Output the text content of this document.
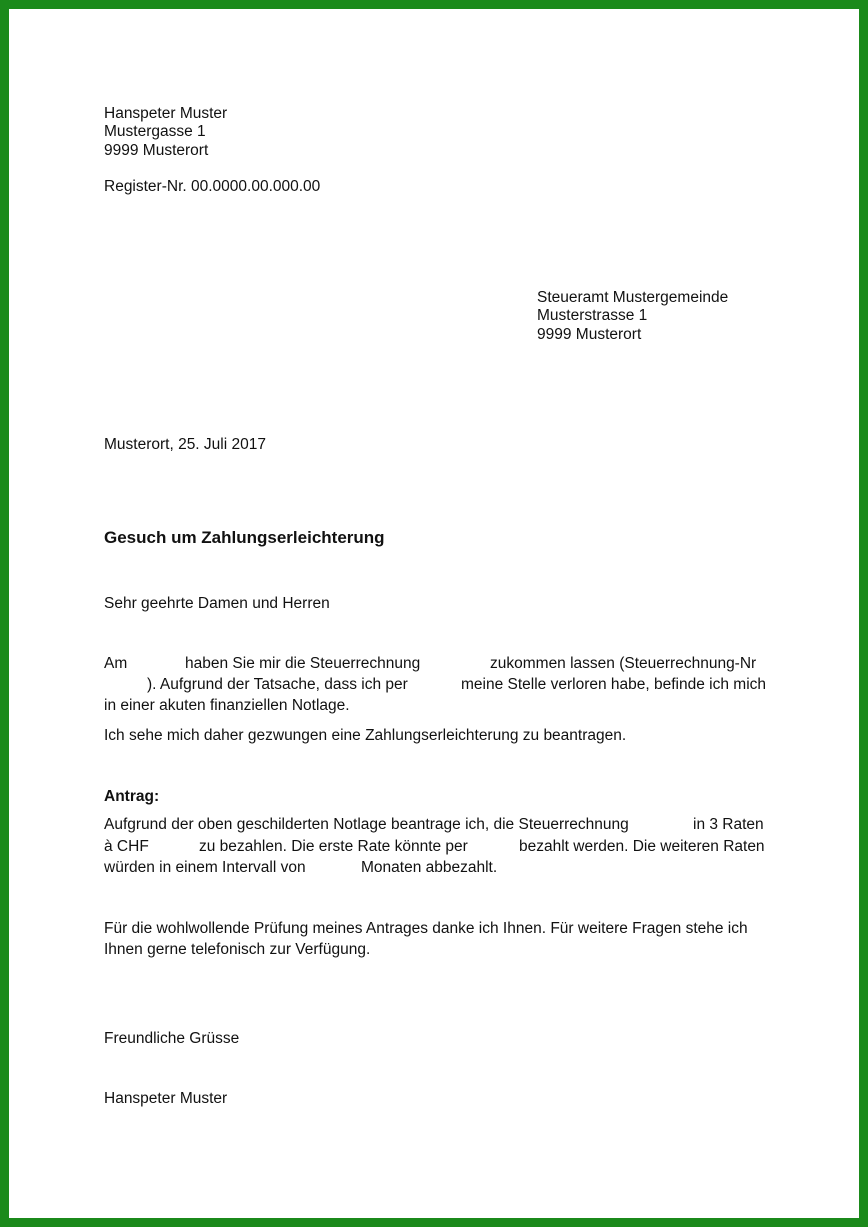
Hanspeter Muster

Mustergasse 1

9999 Musterort

Register-Nr. 00.0000.00.000.00

Steueramt Mustergemeinde

Musterstrasse 1

9999 Musterort

Musterort, 25. Juli 2017

Gesuch um Zahlungserleichterung

Sehr geehrte Damen und Herren

Am	haben Sie mir die Steuerrechnung	zukommen lassen (Steuerrechnung-Nr
). Aufgrund der Tatsache, dass ich per	meine Stelle verloren habe, befinde ich mich
in einer akuten finanziellen Notlage.

Ich sehe mich daher gezwungen eine Zahlungserleichterung zu beantragen.

Antrag:

Aufgrund der oben geschilderten Notlage beantrage ich, die Steuerrechnung	in 3 Raten
à CHF	zu bezahlen. Die erste Rate könnte per	bezahlt werden. Die weiteren Raten
würden in einem Intervall von	Monaten abbezahlt.

Für die wohlwollende Prüfung meines Antrages danke ich Ihnen. Für weitere Fragen stehe ich

Ihnen gerne telefonisch zur Verfügung.

Freundliche Grüsse

Hanspeter Muster
